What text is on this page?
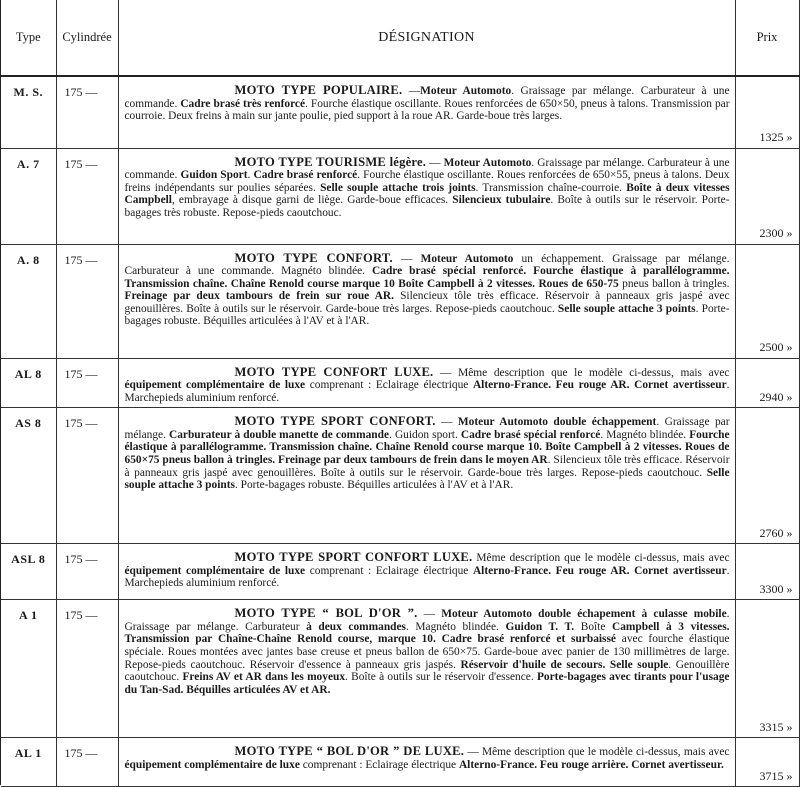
Type	Cylindrée	DÉSIGNATION	Prix
M. S.	175 —	MOTO TYPE POPULAIRE. —Moteur Automoto. Graissage par mélange. Carburateur à une commande. Cadre brasé très renforcé. Fourche élastique oscillante. Roues renforcées de 650×50, pneus à talons. Transmission par courroie. Deux freins à main sur jante poulie, pied support à la roue AR. Garde-boue très larges.	1325 »
A. 7	175 —	MOTO TYPE TOURISME légère. — Moteur Automoto. Graissage par mélange. Carburateur à une commande. Guidon Sport. Cadre brasé renforcé. Fourche élastique oscillante. Roues renforcées de 650×55, pneus à talons. Deux freins indépendants sur poulies séparées. Selle souple attache trois joints. Transmission chaîne-courroie. Boîte à deux vitesses Campbell, embrayage à disque garni de liège. Garde-boue efficaces. Silencieux tubulaire. Boîte à outils sur le réservoir. Porte-bagages très robuste. Repose-pieds caoutchouc.	2300 »
A. 8	175 —	MOTO TYPE CONFORT. — Moteur Automoto un échappement. Graissage par mélange. Carburateur à une commande. Magnéto blindée. Cadre brasé spécial renforcé. Fourche élastique à parallélogramme. Transmission chaîne. Chaîne Renold course marque 10 Boîte Campbell à 2 vitesses. Roues de 650-75 pneus ballon à tringles. Freinage par deux tambours de frein sur roue AR. Silencieux tôle très efficace. Réservoir à panneaux gris jaspé avec genouillères. Boîte à outils sur le réservoir. Garde-boue très larges. Repose-pieds caoutchouc. Selle souple attache 3 points. Porte-bagages robuste. Béquilles articulées à l'AV et à l'AR.	2500 »
AL 8	175 —	MOTO TYPE CONFORT LUXE. — Même description que le modèle ci-dessus, mais avec équipement complémentaire de luxe comprenant : Eclairage électrique Alterno-France. Feu rouge AR. Cornet avertisseur. Marchepieds aluminium renforcé.	2940 »
AS 8	175 —	MOTO TYPE SPORT CONFORT. — Moteur Automoto double échappement. Graissage par mélange. Carburateur à double manette de commande. Guidon sport. Cadre brasé spécial renforcé. Magnéto blindée. Fourche élastique à parallélogramme. Transmission chaîne. Chaîne Renold course marque 10. Boîte Campbell à 2 vitesses. Roues de 650×75 pneus ballon à tringles. Freinage par deux tambours de frein dans le moyen AR. Silencieux tôle très efficace. Réservoir à panneaux gris jaspé avec genouillères. Boîte à outils sur le réservoir. Garde-boue très larges. Repose-pieds caoutchouc. Selle souple attache 3 points. Porte-bagages robuste. Béquilles articulées à l'AV et à l'AR.	2760 »
ASL 8	175 —	MOTO TYPE SPORT CONFORT LUXE. Même description que le modèle ci-dessus, mais avec équipement complémentaire de luxe comprenant : Eclairage électrique Alterno-France. Feu rouge AR. Cornet avertisseur. Marchepieds aluminium renforcé.	3300 »
A 1	175 —	MOTO TYPE “ BOL D'OR ”. — Moteur Automoto double échapement à culasse mobile. Graissage par mélange. Carburateur à deux commandes. Magnéto blindée. Guidon T. T. Boîte Campbell à 3 vitesses. Transmission par Chaîne-Chaîne Renold course, marque 10. Cadre brasé renforcé et surbaissé avec fourche élastique spéciale. Roues montées avec jantes base creuse et pneus ballon de 650×75. Garde-boue avec panier de 130 millimètres de large. Repose-pieds caoutchouc. Réservoir d'essence à panneaux gris jaspés. Réservoir d'huile de secours. Selle souple. Genouillère caoutchouc. Freins AV et AR dans les moyeux. Boîte à outils sur le réservoir d'essence. Porte-bagages avec tirants pour l'usage du Tan-Sad. Béquilles articulées AV et AR.	3315 »
AL 1	175 —	MOTO TYPE “ BOL D'OR ” DE LUXE. — Même description que le modèle ci-dessus, mais avec équipement complémentaire de luxe comprenant : Eclairage électrique Alterno-France. Feu rouge arrière. Cornet avertisseur.	3715 »
